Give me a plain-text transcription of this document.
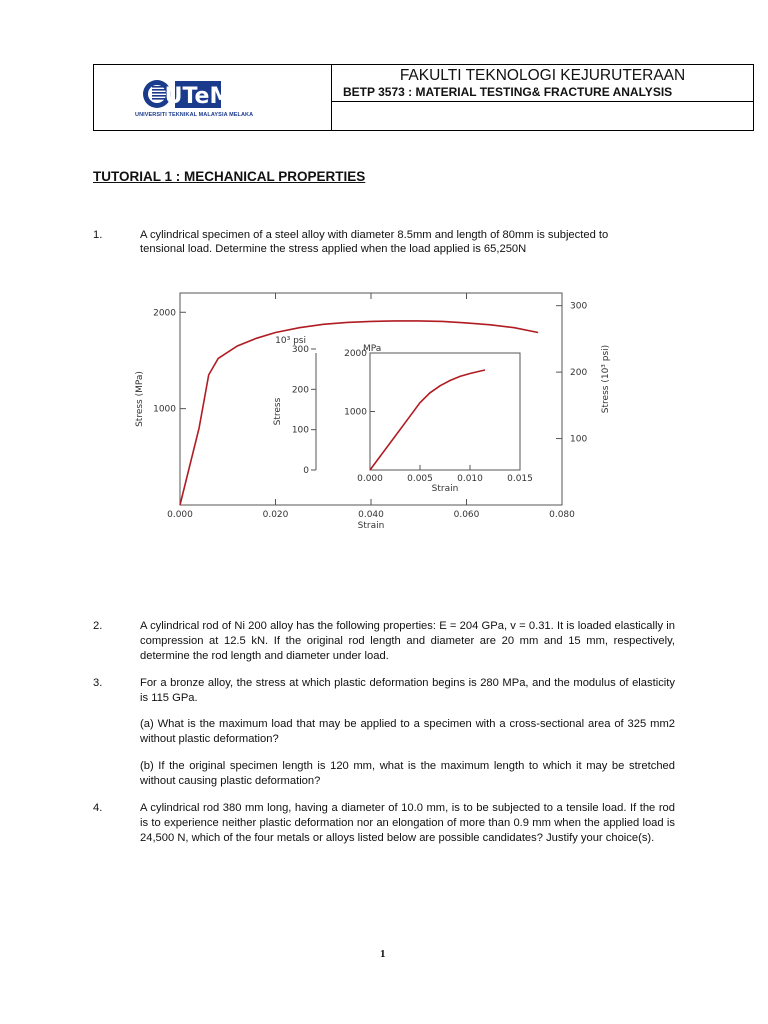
UTeM
UNIVERSITI TEKNIKAL MALAYSIA MELAKA
FAKULTI TEKNOLOGI KEJURUTERAAN
BETP 3573 : MATERIAL TESTING& FRACTURE ANALYSIS
TUTORIAL 1 : MECHANICAL PROPERTIES
1.	A cylindrical specimen of a steel alloy with diameter 8.5mm and length of 80mm is subjected to
tensional load. Determine the stress applied when the load applied is 65,250N
0.000	0.020	0.040	0.060	0.080
1000
2000
100
200
300
Strain
Stress (MPa)	Stress (10³ psi)
0.000	0.005	0.010	0.015
1000
2000
0
100
200
300
10³ psi
MPa
Strain
Stress
2.	A cylindrical rod of Ni 200 alloy has the following properties: E = 204 GPa, v = 0.31. It is loaded elastically in compression at 12.5 kN. If the original rod length and diameter are 20 mm and 15 mm, respectively, determine the rod length and diameter under load.
3.	For a bronze alloy, the stress at which plastic deformation begins is 280 MPa, and the modulus of elasticity is 115 GPa.
(a) What is the maximum load that may be applied to a specimen with a cross-sectional area of 325 mm2 without plastic deformation?
(b) If the original specimen length is 120 mm, what is the maximum length to which it may be stretched without causing plastic deformation?
4.	A cylindrical rod 380 mm long, having a diameter of 10.0 mm, is to be subjected to a tensile load. If the rod is to experience neither plastic deformation nor an elongation of more than 0.9 mm when the applied load is 24,500 N, which of the four metals or alloys listed below are possible candidates? Justify your choice(s).
1
